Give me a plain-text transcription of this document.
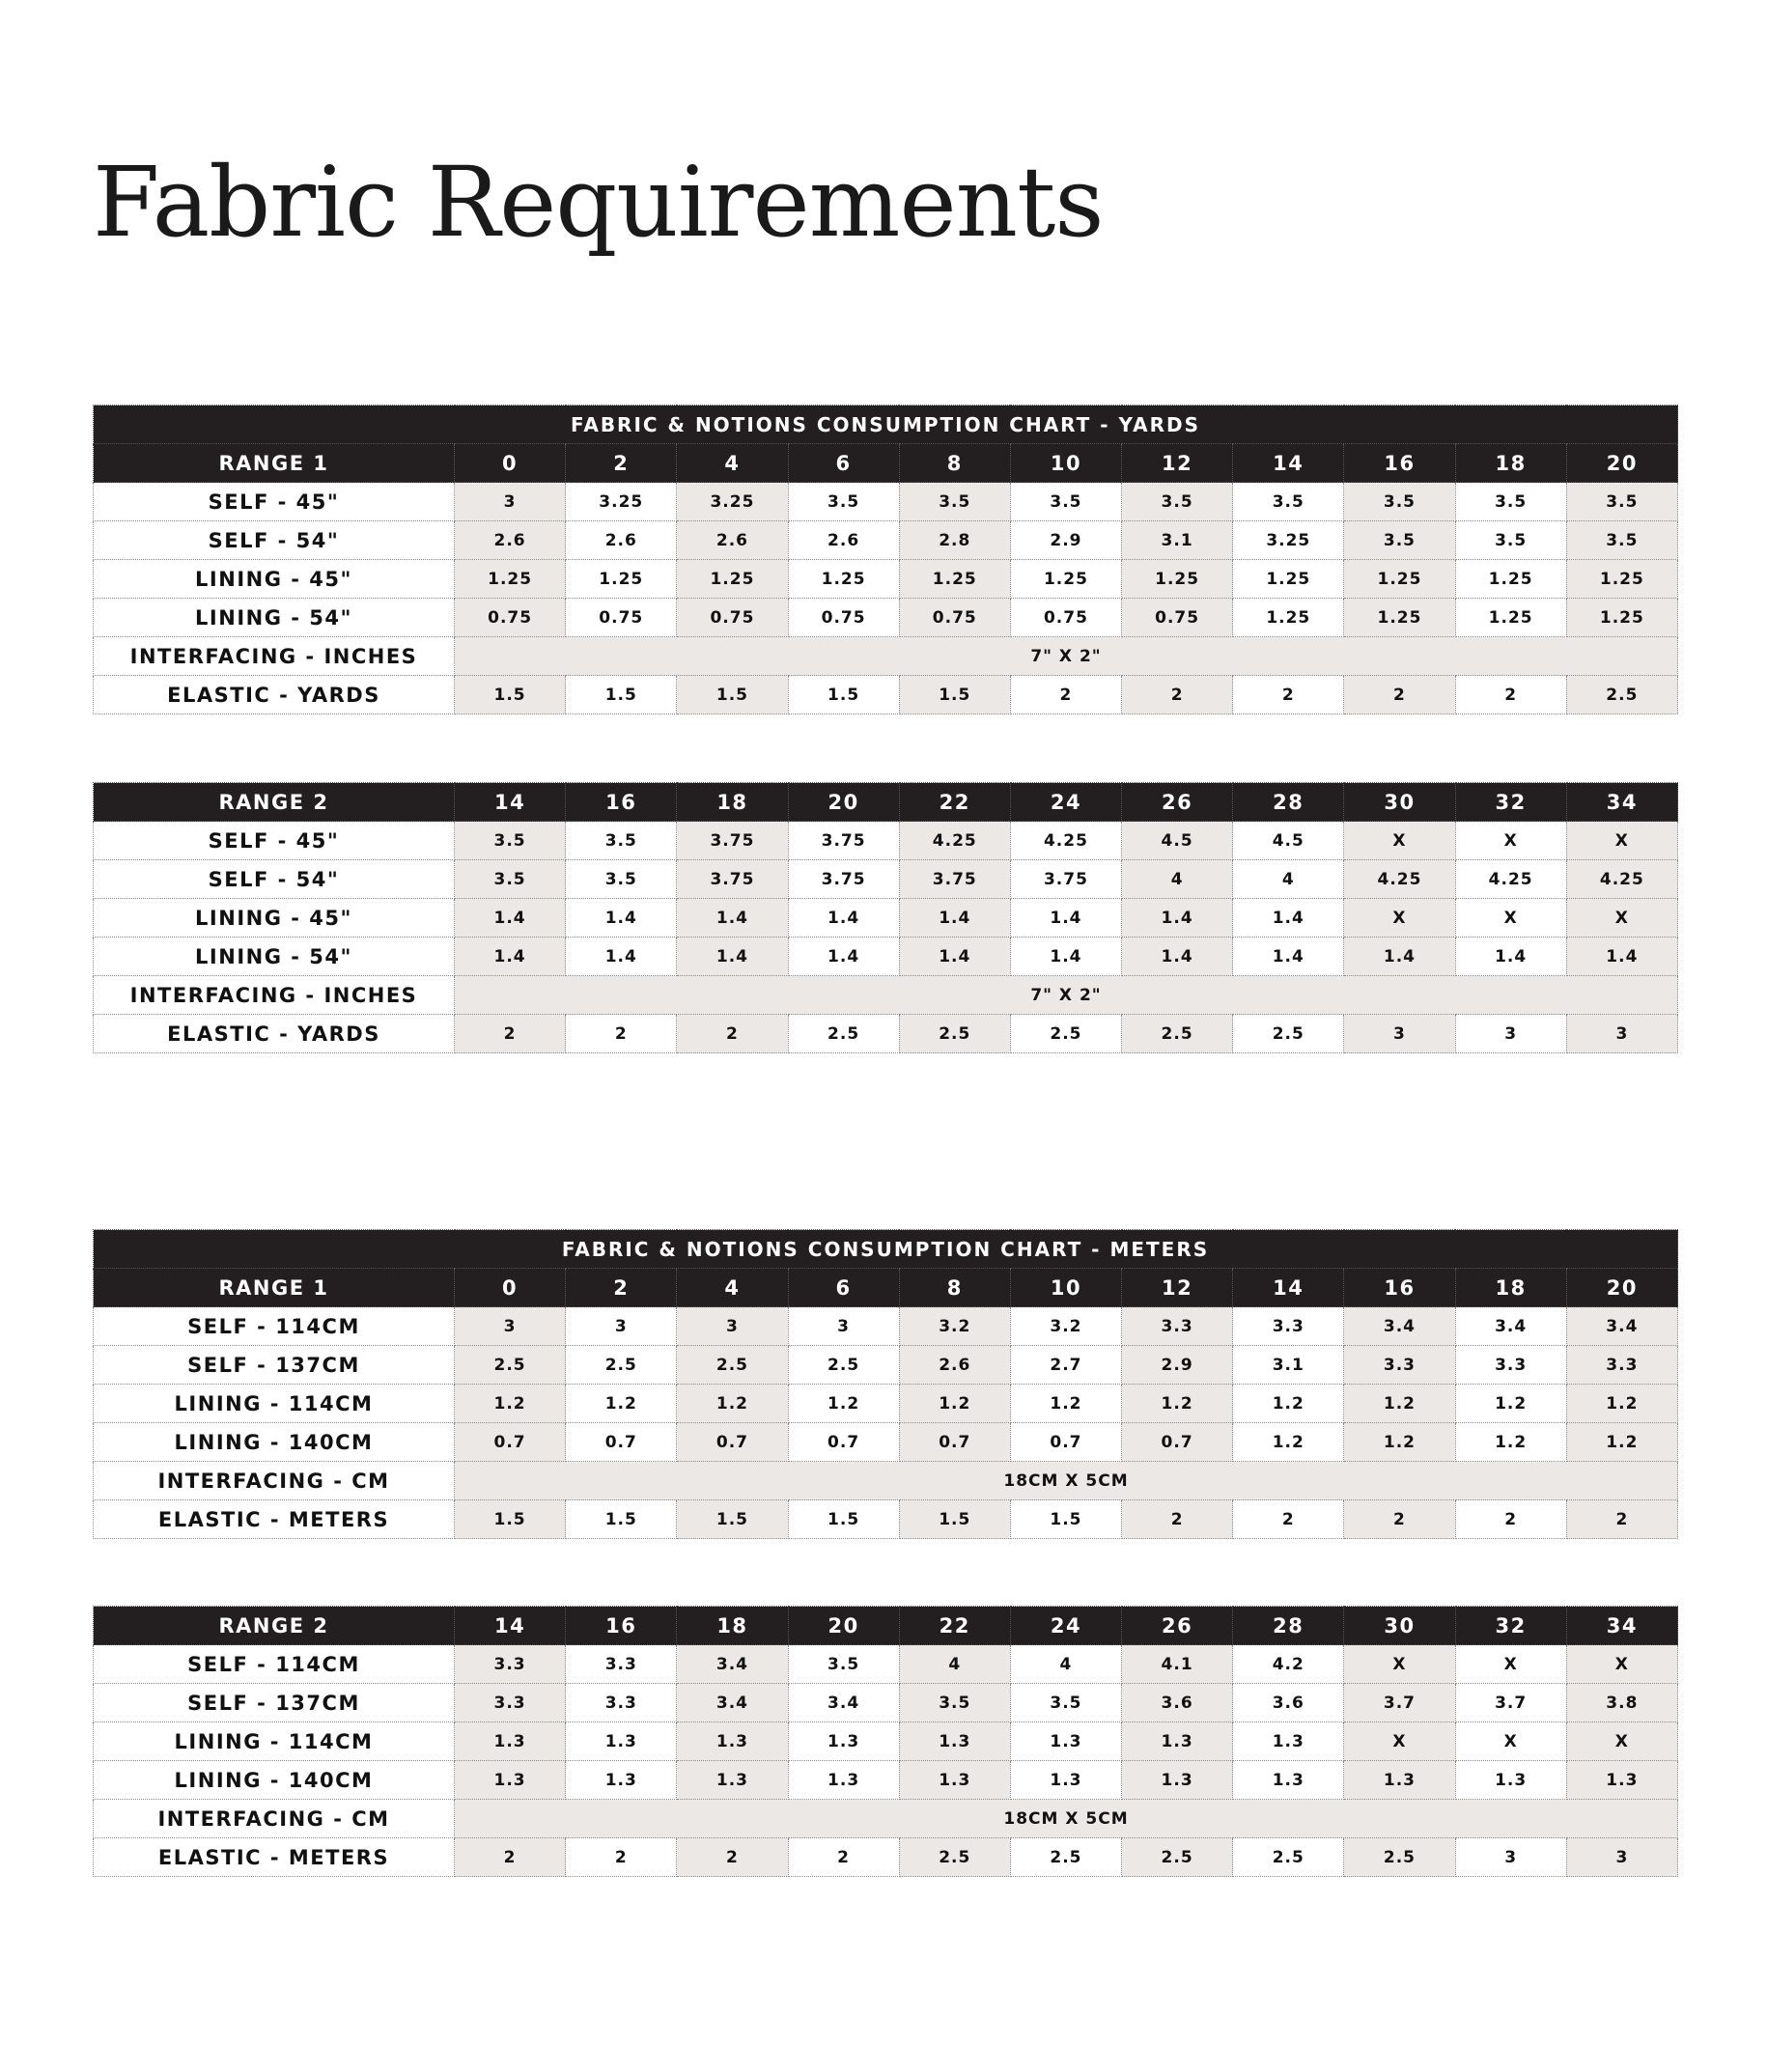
Fabric Requirements
FABRIC & NOTIONS CONSUMPTION CHART - YARDS											
RANGE 1	0	2	4	6	8	10	12	14	16	18	20
SELF - 45"	3	3.25	3.25	3.5	3.5	3.5	3.5	3.5	3.5	3.5	3.5
SELF - 54"	2.6	2.6	2.6	2.6	2.8	2.9	3.1	3.25	3.5	3.5	3.5
LINING - 45"	1.25	1.25	1.25	1.25	1.25	1.25	1.25	1.25	1.25	1.25	1.25
LINING - 54"	0.75	0.75	0.75	0.75	0.75	0.75	0.75	1.25	1.25	1.25	1.25
INTERFACING - INCHES	7" X 2"										
ELASTIC - YARDS	1.5	1.5	1.5	1.5	1.5	2	2	2	2	2	2.5
RANGE 2	14	16	18	20	22	24	26	28	30	32	34
SELF - 45"	3.5	3.5	3.75	3.75	4.25	4.25	4.5	4.5	X	X	X
SELF - 54"	3.5	3.5	3.75	3.75	3.75	3.75	4	4	4.25	4.25	4.25
LINING - 45"	1.4	1.4	1.4	1.4	1.4	1.4	1.4	1.4	X	X	X
LINING - 54"	1.4	1.4	1.4	1.4	1.4	1.4	1.4	1.4	1.4	1.4	1.4
INTERFACING - INCHES	7" X 2"										
ELASTIC - YARDS	2	2	2	2.5	2.5	2.5	2.5	2.5	3	3	3
FABRIC & NOTIONS CONSUMPTION CHART - METERS											
RANGE 1	0	2	4	6	8	10	12	14	16	18	20
SELF - 114CM	3	3	3	3	3.2	3.2	3.3	3.3	3.4	3.4	3.4
SELF - 137CM	2.5	2.5	2.5	2.5	2.6	2.7	2.9	3.1	3.3	3.3	3.3
LINING - 114CM	1.2	1.2	1.2	1.2	1.2	1.2	1.2	1.2	1.2	1.2	1.2
LINING - 140CM	0.7	0.7	0.7	0.7	0.7	0.7	0.7	1.2	1.2	1.2	1.2
INTERFACING - CM	18CM X 5CM										
ELASTIC - METERS	1.5	1.5	1.5	1.5	1.5	1.5	2	2	2	2	2
RANGE 2	14	16	18	20	22	24	26	28	30	32	34
SELF - 114CM	3.3	3.3	3.4	3.5	4	4	4.1	4.2	X	X	X
SELF - 137CM	3.3	3.3	3.4	3.4	3.5	3.5	3.6	3.6	3.7	3.7	3.8
LINING - 114CM	1.3	1.3	1.3	1.3	1.3	1.3	1.3	1.3	X	X	X
LINING - 140CM	1.3	1.3	1.3	1.3	1.3	1.3	1.3	1.3	1.3	1.3	1.3
INTERFACING - CM	18CM X 5CM										
ELASTIC - METERS	2	2	2	2	2.5	2.5	2.5	2.5	2.5	3	3
